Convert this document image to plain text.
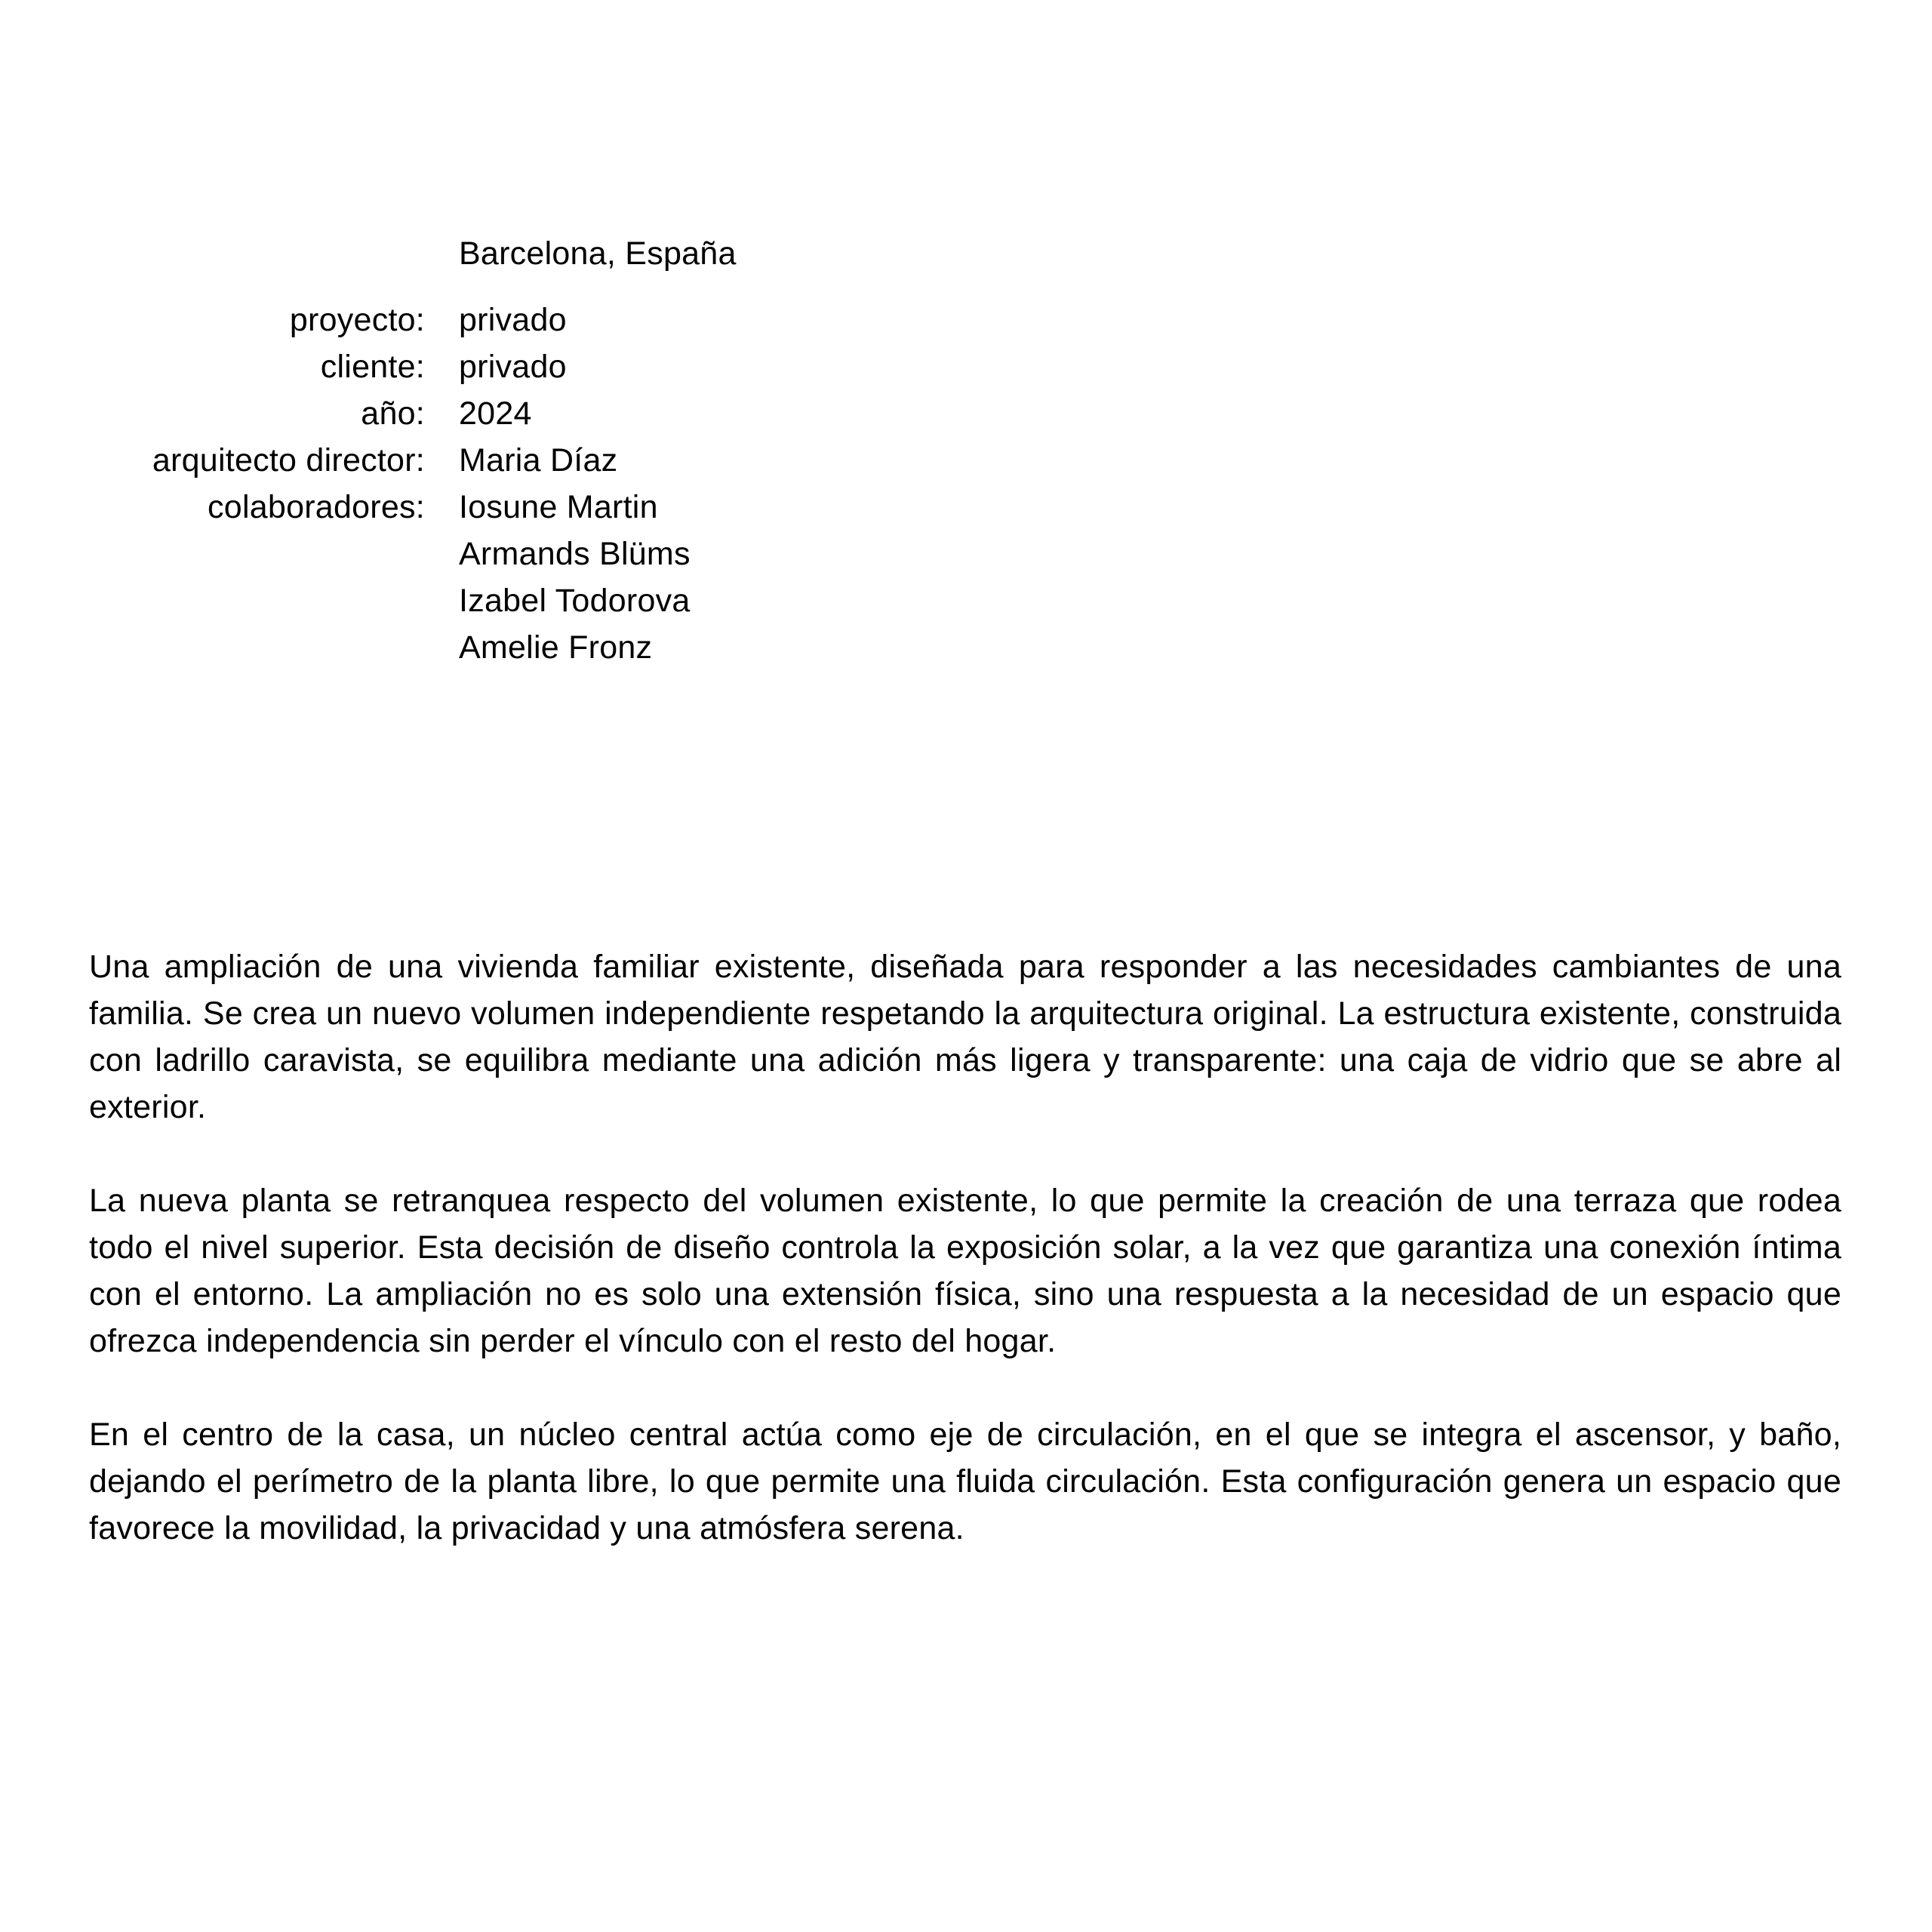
Barcelona, España
proyecto: privado
cliente: privado
año: 2024
arquitecto director: Maria Díaz
colaboradores: Iosune Martin
Armands Blüms
Izabel Todorova
Amelie Fronz

Una ampliación de una vivienda familiar existente, diseñada para responder a las necesidades cambiantes de una familia. Se crea un nuevo volumen independiente respetando la arquitectura original. La estructura existente, construida con ladrillo caravista, se equilibra mediante una adición más ligera y transparente: una caja de vidrio que se abre al exterior.

La nueva planta se retranquea respecto del volumen existente, lo que permite la creación de una terraza que rodea todo el nivel superior. Esta decisión de diseño controla la exposición solar, a la vez que garantiza una conexión íntima con el entorno. La ampliación no es solo una extensión física, sino una respuesta a la necesidad de un espacio que ofrezca independencia sin perder el vínculo con el resto del hogar.

En el centro de la casa, un núcleo central actúa como eje de circulación, en el que se integra el ascensor, y baño, dejando el perímetro de la planta libre, lo que permite una fluida circulación. Esta configuración genera un espacio que favorece la movilidad, la privacidad y una atmósfera serena.
